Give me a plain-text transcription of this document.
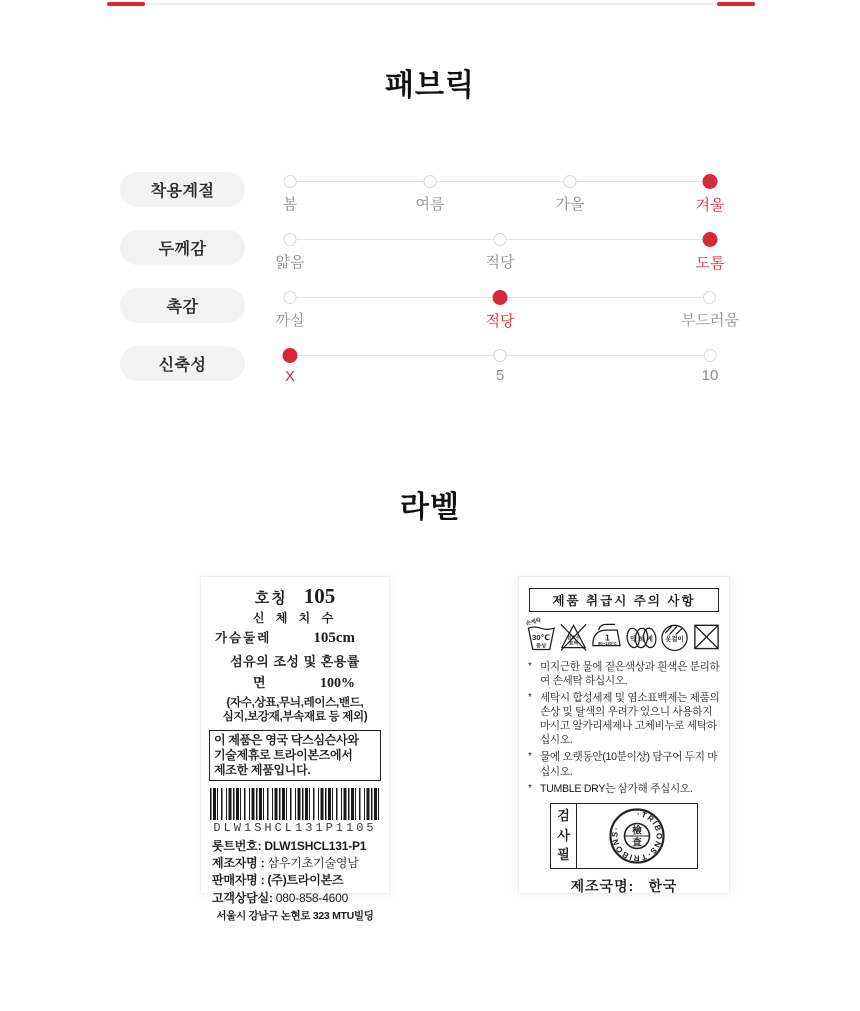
패브릭
착용계절
봄	여름	가을	겨울
두께감
얇음	적당	도톰
촉감
까실	적당	부드러움
신축성
X	5	10
라벨
호칭 105
신 체 치 수
가슴둘레	105cm
섬유의 조성 및 혼용률
면	100%
(자수,상표,무늬,레이스,밴드,
심지,보강재,부속재료 등 제외)
이 제품은 영국 닥스심슨사와
기술제휴로 트라이본즈에서
제조한 제품입니다.
DLW1SHCL131P1105
롯트번호: DLW1SHCL131-P1
제조자명 : 삼우기초기술영남
판매자명 : (주)트라이본즈
고객상담실: 080-858-4600
서울시 강남구 논현로 323 MTU빌딩
제품 취급시 주의 사항
손세탁
30℃
중성
염소수
표백
1
80~120℃
약 하 게 옷걸이
* 미지근한 물에 짙은색상과 흰색은 분리하여 손세탁 하십시오.
* 세탁시 합성세제 및 염소표백제는 제품의 손상 및 탈색의 우려가 있으니 사용하지 마시고 알카리세제나 고체비누로 세탁하십시오.
* 물에 오랫동안(10분이상) 담구어 두지 마십시오.
* TUMBLE DRY는 삼가해 주십시오.
검사필
·TRIBONS·TRIBONS·	檢
査
제조국명: 한국
